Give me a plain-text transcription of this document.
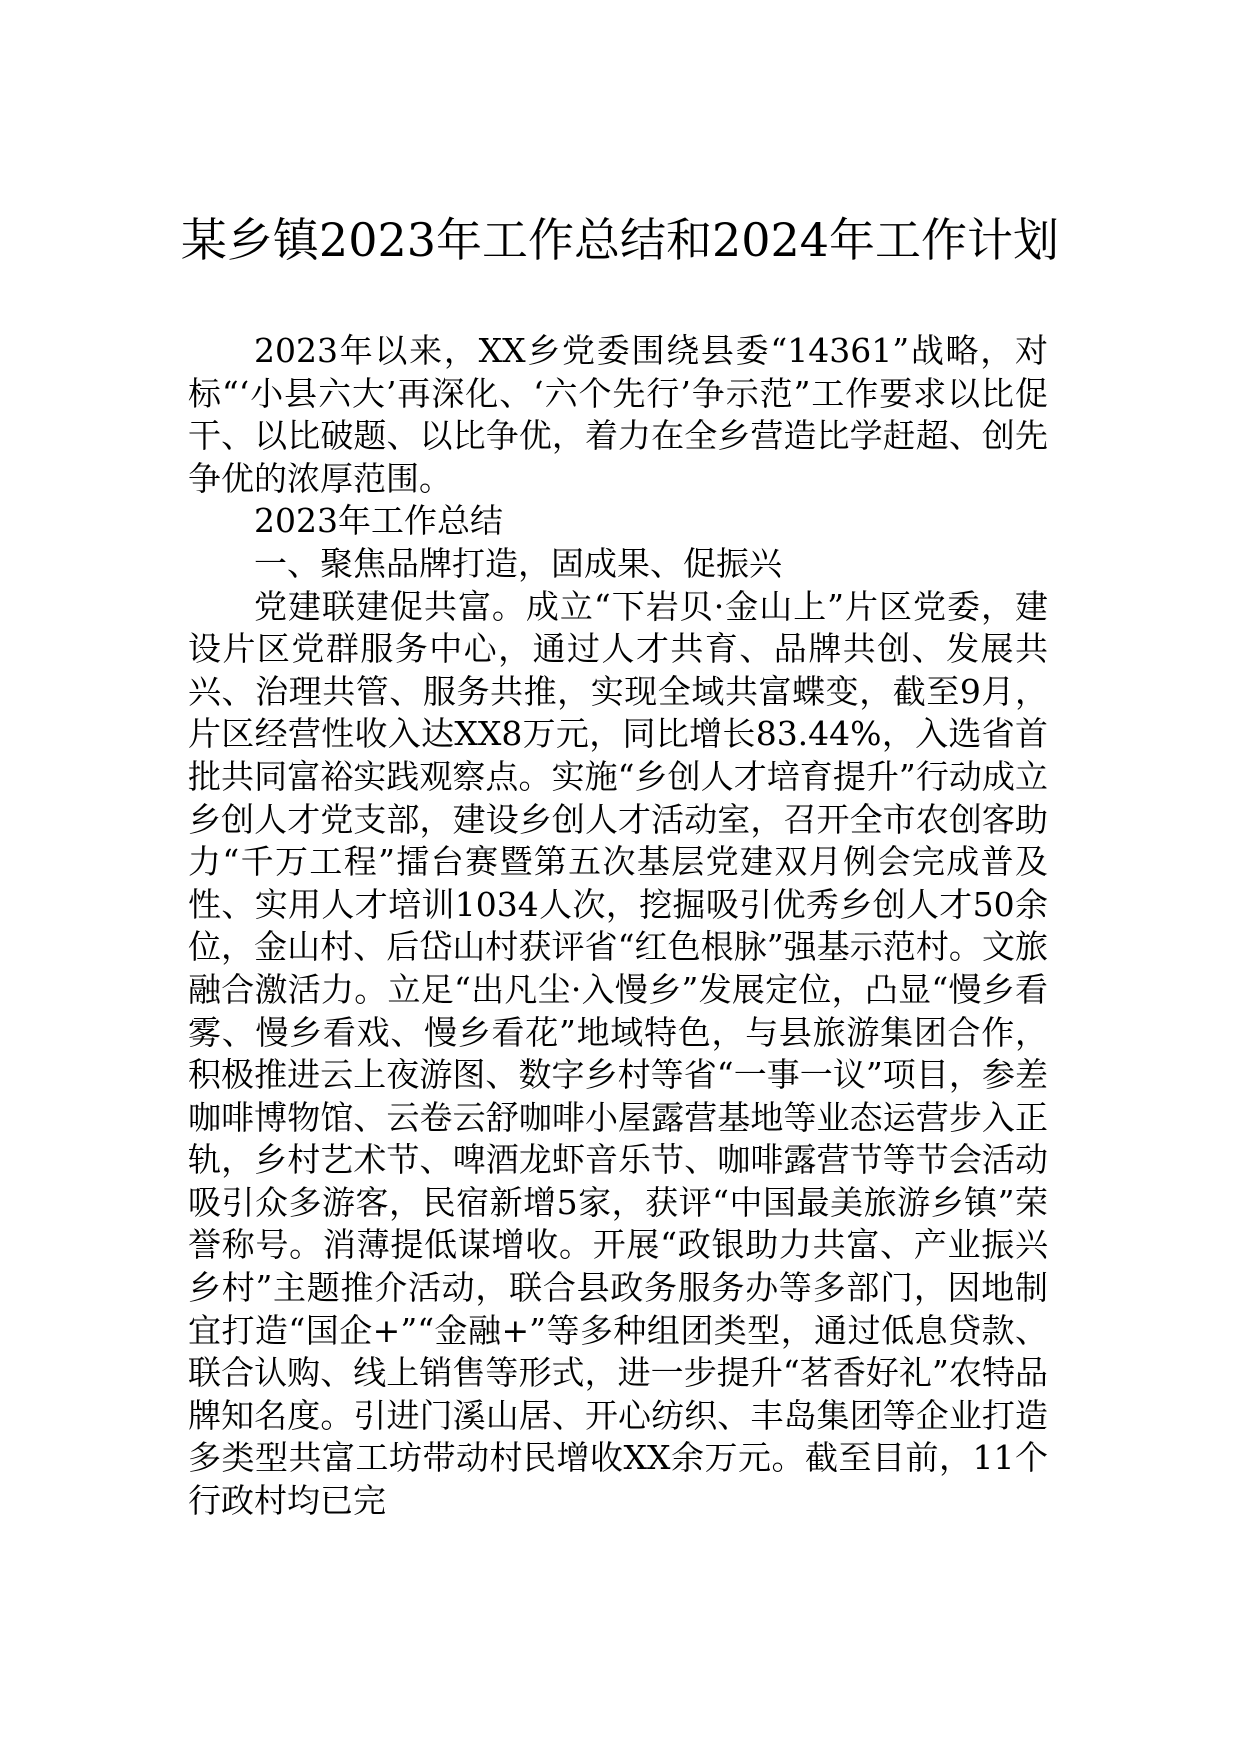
某乡镇2023年工作总结和2024年工作计划

2023年以来，XX乡党委围绕县委“14361”战略，对标“‘小县六大’再深化、‘六个先行’争示范”工作要求以比促干、以比破题、以比争优，着力在全乡营造比学赶超、创先争优的浓厚范围。

2023年工作总结

一、聚焦品牌打造，固成果、促振兴

党建联建促共富。成立“下岩贝·金山上”片区党委，建设片区党群服务中心，通过人才共育、品牌共创、发展共兴、治理共管、服务共推，实现全域共富蝶变，截至9月，片区经营性收入达XX8万元，同比增长83.44%，入选省首批共同富裕实践观察点。实施“乡创人才培育提升”行动成立乡创人才党支部，建设乡创人才活动室，召开全市农创客助力“千万工程”擂台赛暨第五次基层党建双月例会完成普及性、实用人才培训1034人次，挖掘吸引优秀乡创人才50余位，金山村、后岱山村获评省“红色根脉”强基示范村。文旅融合激活力。立足“出凡尘·入慢乡”发展定位，凸显“慢乡看雾、慢乡看戏、慢乡看花”地域特色，与县旅游集团合作，积极推进云上夜游图、数字乡村等省“一事一议”项目，参差咖啡博物馆、云卷云舒咖啡小屋露营基地等业态运营步入正轨，乡村艺术节、啤酒龙虾音乐节、咖啡露营节等节会活动吸引众多游客，民宿新增5家，获评“中国最美旅游乡镇”荣誉称号。消薄提低谋增收。开展“政银助力共富、产业振兴乡村”主题推介活动，联合县政务服务办等多部门，因地制宜打造“国企+”“金融+”等多种组团类型，通过低息贷款、联合认购、线上销售等形式，进一步提升“茗香好礼”农特品牌知名度。引进门溪山居、开心纺织、丰岛集团等企业打造多类型共富工坊带动村民增收XX余万元。截至目前，11个行政村均已完
